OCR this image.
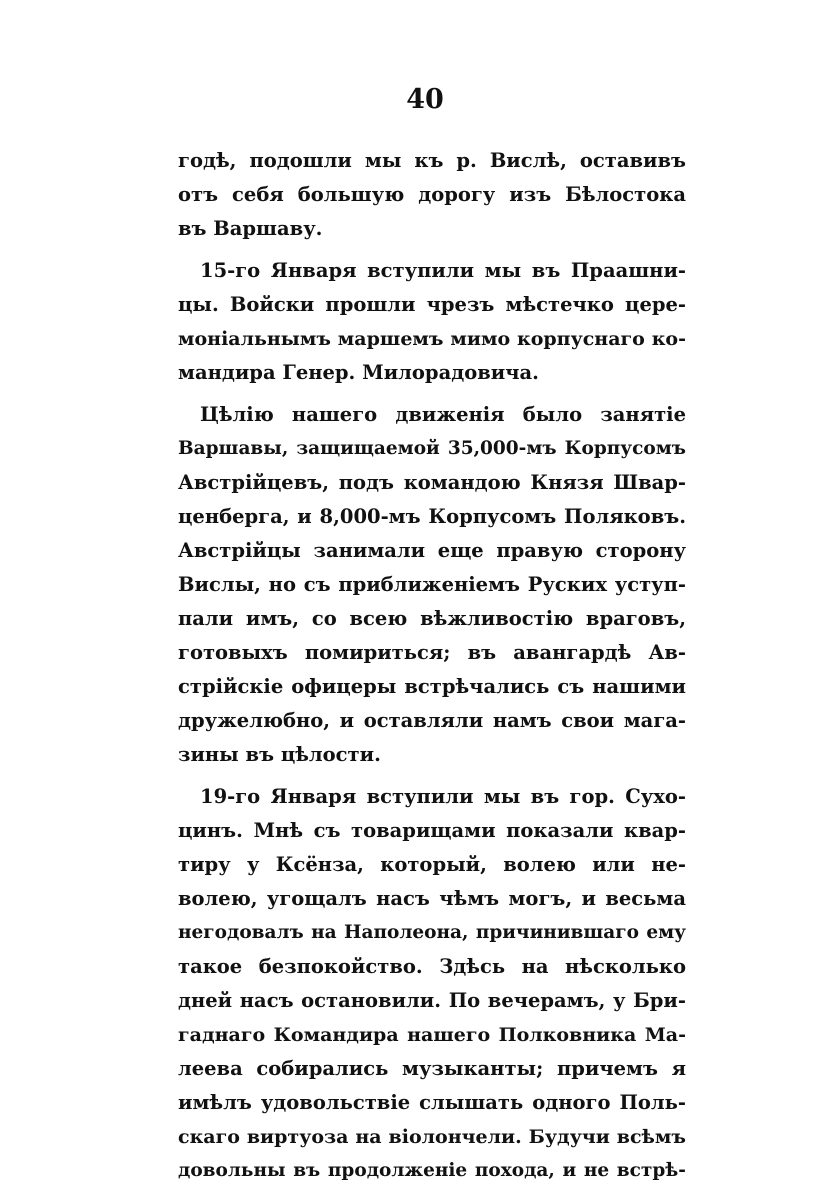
40
годѣ, подошли мы къ р. Вислѣ, оставивъ
отъ себя большую дорогу изъ Бѣлостока
въ Варшаву.
15-го Января вступили мы въ Праашни-
цы. Войски прошли чрезъ мѣстечко цере-
моніальнымъ маршемъ мимо корпуснаго ко-
мандира Генер. Милорадовича.
Цѣлію нашего движенія было занятіе
Варшавы, защищаемой 35,000-мъ Корпусомъ
Австрійцевъ, подъ командою Князя Швар-
ценберга, и 8,000-мъ Корпусомъ Поляковъ.
Австрійцы занимали еще правую сторону
Вислы, но съ приближеніемъ Руских уступ-
пали имъ, со всею вѣжливостію враговъ,
готовыхъ помириться; въ авангардѣ Ав-
стрійскіе офицеры встрѣчались съ нашими
дружелюбно, и оставляли намъ свои мага-
зины въ цѣлости.
19-го Января вступили мы въ гор. Сухо-
цинъ. Мнѣ съ товарищами показали квар-
тиру у Ксёнза, который, волею или не-
волею, угощалъ насъ чѣмъ могъ, и весьма
негодовалъ на Наполеона, причинившаго ему
такое безпокойство. Здѣсь на нѣсколько
дней насъ остановили. По вечерамъ, у Бри-
гаднаго Командира нашего Полковника Ма-
леева собирались музыканты; причемъ я
имѣлъ удовольствіе слышать одного Поль-
скаго виртуоза на віолончели. Будучи всѣмъ
довольны въ продолженіе похода, и не встрѣ-
